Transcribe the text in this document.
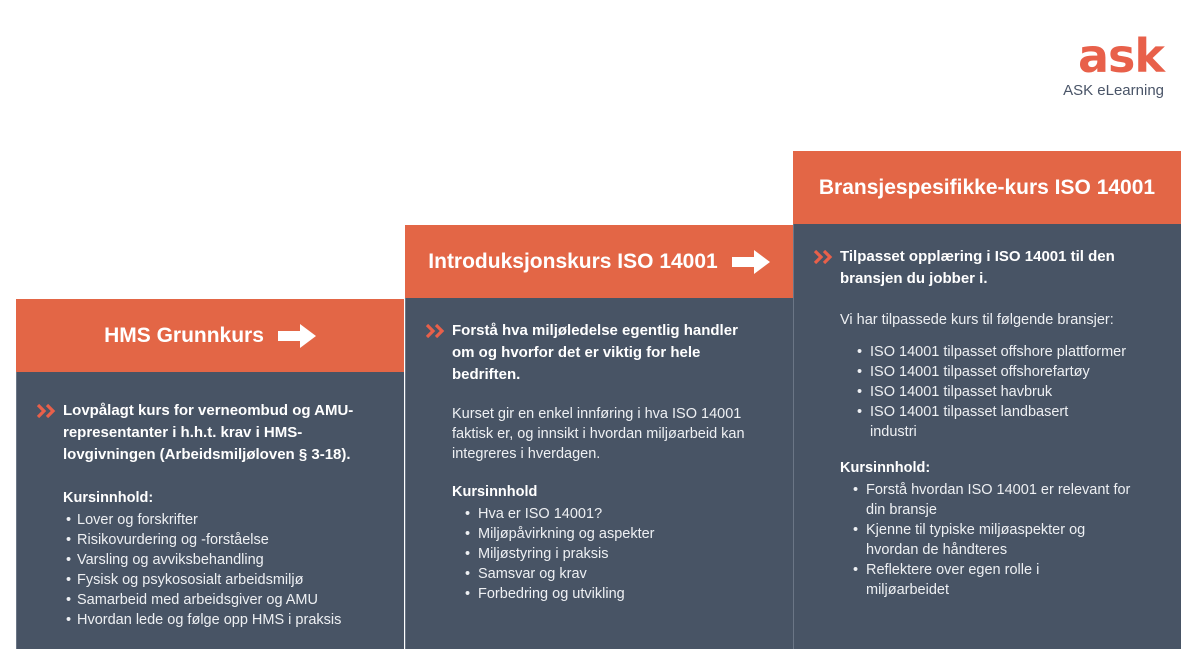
ask
ASK eLearning
HMS Grunnkurs
Lovpålagt kurs for verneombud og AMU-representanter i h.h.t. krav i HMS-lovgivningen (Arbeidsmiljøloven § 3-18).
Kursinnhold:
• Lover og forskrifter
• Risikovurdering og -forståelse
• Varsling og avviksbehandling
• Fysisk og psykososialt arbeidsmiljø
• Samarbeid med arbeidsgiver og AMU
• Hvordan lede og følge opp HMS i praksis
Introduksjonskurs ISO 14001
Forstå hva miljøledelse egentlig handler om og hvorfor det er viktig for hele bedriften.
Kurset gir en enkel innføring i hva ISO 14001 faktisk er, og innsikt i hvordan miljøarbeid kan integreres i hverdagen.
Kursinnhold
• Hva er ISO 14001?
• Miljøpåvirkning og aspekter
• Miljøstyring i praksis
• Samsvar og krav
• Forbedring og utvikling
Bransjespesifikke-kurs ISO 14001
Tilpasset opplæring i ISO 14001 til den bransjen du jobber i.
Vi har tilpassede kurs til følgende bransjer:
• ISO 14001 tilpasset offshore plattformer
• ISO 14001 tilpasset offshorefartøy
• ISO 14001 tilpasset havbruk
• ISO 14001 tilpasset landbasert industri
Kursinnhold:
• Forstå hvordan ISO 14001 er relevant for din bransje
• Kjenne til typiske miljøaspekter og hvordan de håndteres
• Reflektere over egen rolle i miljøarbeidet
